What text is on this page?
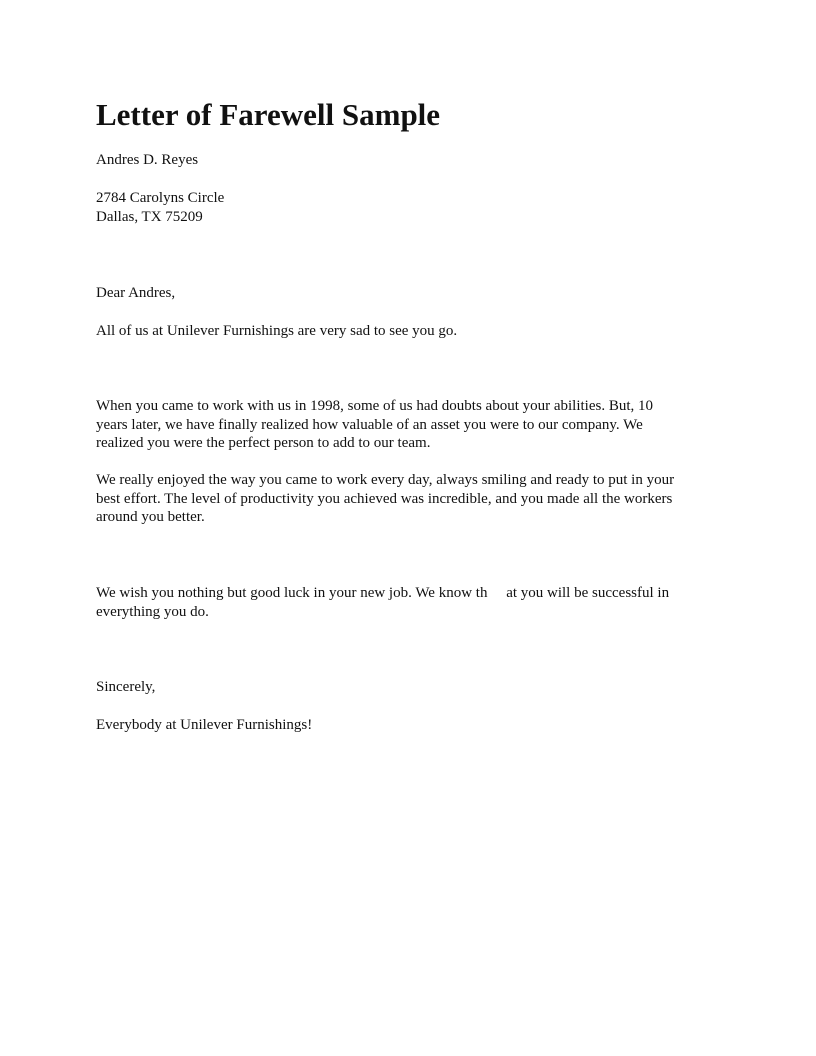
Letter of Farewell Sample
Andres D. Reyes
2784 Carolyns Circle
Dallas, TX 75209
Dear Andres,
All of us at Unilever Furnishings are very sad to see you go.
When you came to work with us in 1998, some of us had doubts about your abilities. But, 10
years later, we have finally realized how valuable of an asset you were to our company. We
realized you were the perfect person to add to our team.
We really enjoyed the way you came to work every day, always smiling and ready to put in your
best effort. The level of productivity you achieved was incredible, and you made all the workers
around you better.
We wish you nothing but good luck in your new job. We know th     at you will be successful in
everything you do.
Sincerely,
Everybody at Unilever Furnishings!
